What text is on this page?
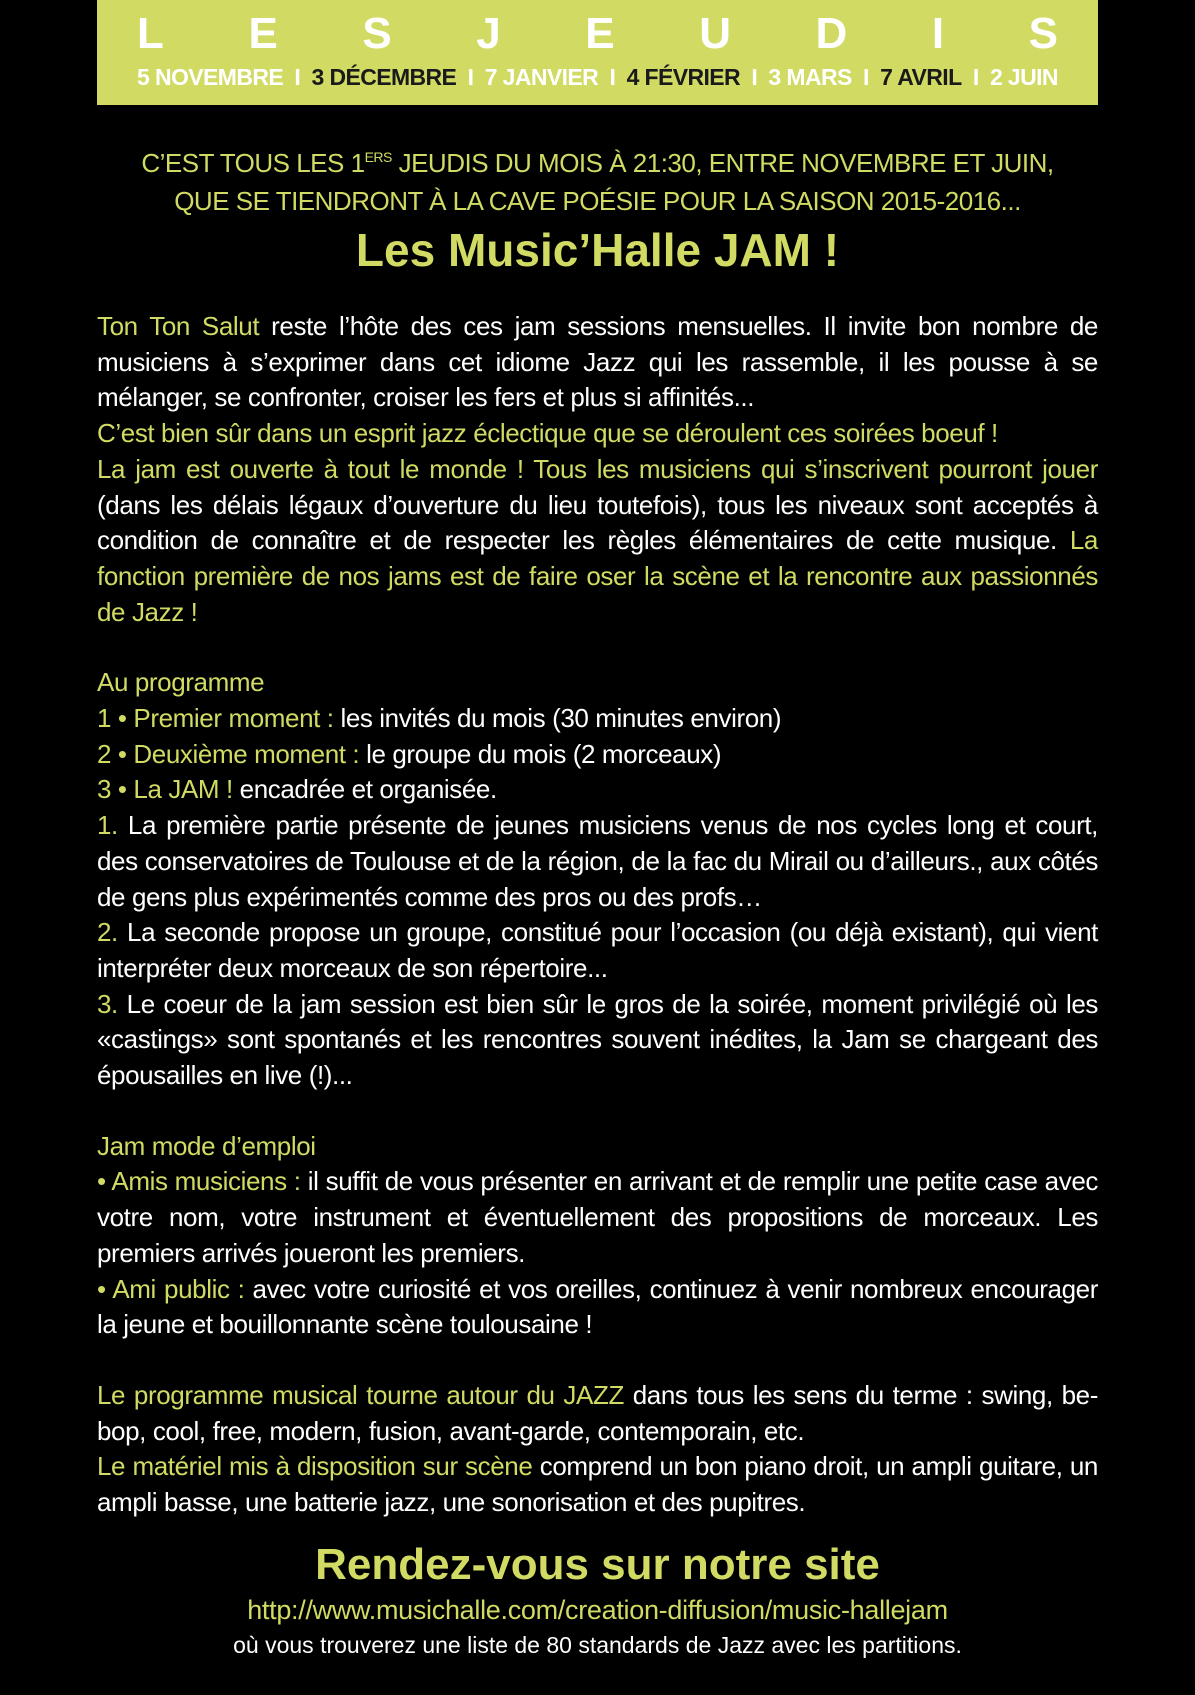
L E S J E U D I S
5 NOVEMBRE I 3 DÉCEMBRE I 7 JANVIER I 4 FÉVRIER I 3 MARS I 7 AVRIL I 2 JUIN
C’EST TOUS LES 1ERS JEUDIS DU MOIS À 21:30, ENTRE NOVEMBRE ET JUIN,
QUE SE TIENDRONT À LA CAVE POÉSIE POUR LA SAISON 2015-2016...
Les Music’Halle JAM !

Ton Ton Salut reste l’hôte des ces jam sessions mensuelles. Il invite bon nombre de musiciens à s’exprimer dans cet idiome Jazz qui les rassemble, il les pousse à se mélanger, se confronter, croiser les fers et plus si affinités...

C’est bien sûr dans un esprit jazz éclectique que se déroulent ces soirées boeuf !

La jam est ouverte à tout le monde ! Tous les musiciens qui s’inscrivent pourront jouer (dans les délais légaux d’ouverture du lieu toutefois), tous les niveaux sont acceptés à condition de connaître et de respecter les règles élémentaires de cette musique. La fonction première de nos jams est de faire oser la scène et la rencontre aux passionnés de Jazz !

Au programme

1 • Premier moment : les invités du mois (30 minutes environ)

2 • Deuxième moment : le groupe du mois (2 morceaux)

3 • La JAM ! encadrée et organisée.

1. La première partie présente de jeunes musiciens venus de nos cycles long et court, des conservatoires de Toulouse et de la région, de la fac du Mirail ou d’ailleurs., aux côtés de gens plus expérimentés comme des pros ou des profs…

2. La seconde propose un groupe, constitué pour l’occasion (ou déjà existant), qui vient interpréter deux morceaux de son répertoire...

3. Le coeur de la jam session est bien sûr le gros de la soirée, moment privilégié où les «castings» sont spontanés et les rencontres souvent inédites, la Jam se chargeant des épousailles en live (!)...

Jam mode d’emploi

• Amis musiciens : il suffit de vous présenter en arrivant et de remplir une petite case avec votre nom, votre instrument et éventuellement des propositions de morceaux. Les premiers arrivés joueront les premiers.

• Ami public : avec votre curiosité et vos oreilles, continuez à venir nombreux encourager la jeune et bouillonnante scène toulousaine !

Le programme musical tourne autour du JAZZ dans tous les sens du terme : swing, be- bop, cool, free, modern, fusion, avant-garde, contemporain, etc.

Le matériel mis à disposition sur scène comprend un bon piano droit, un ampli guitare, un ampli basse, une batterie jazz, une sonorisation et des pupitres.

Rendez-vous sur notre site
http://www.musichalle.com/creation-diffusion/music-hallejam
où vous trouverez une liste de 80 standards de Jazz avec les partitions.
